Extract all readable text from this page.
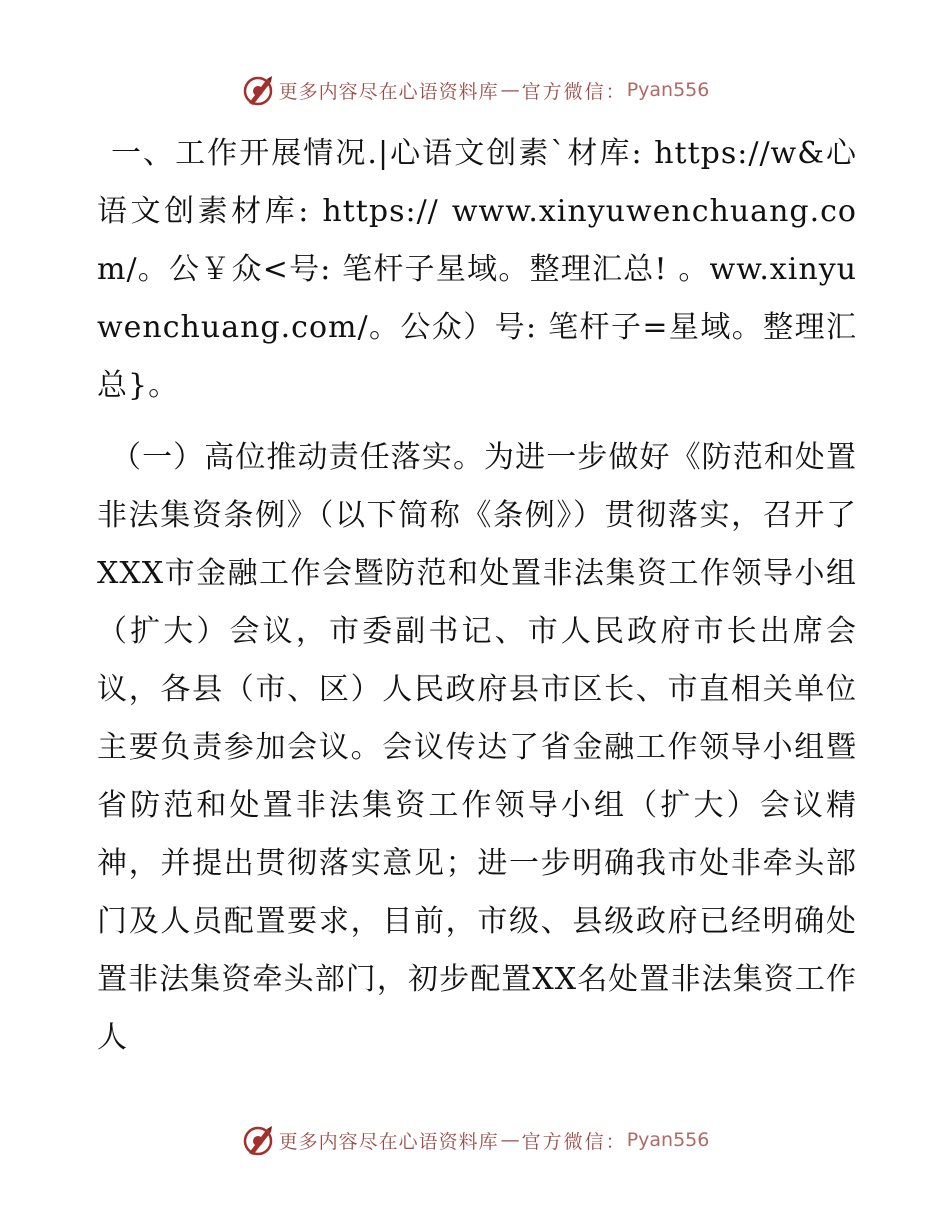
更多内容尽在心语资料库 — 官方微信： Pyan556

一、工作开展情况.|心语文创素`材库: https://w&心语文创素材库: https:// www.xinyuwenchuang.com/。公￥众<号: 笔杆子星域。整理汇总! 。ww.xinyuwenchuang.com/。公众）号: 笔杆子=星域。整理汇总}。

（一）高位推动责任落实。为进一步做好《防范和处置非法集资条例》（以下简称《条例》）贯彻落实，召开了XXX市金融工作会暨防范和处置非法集资工作领导小组（扩大）会议，市委副书记、市人民政府市长出席会议，各县（市、区）人民政府县市区长、市直相关单位主要负责参加会议。会议传达了省金融工作领导小组暨省防范和处置非法集资工作领导小组（扩大）会议精神，并提出贯彻落实意见；进一步明确我市处非牵头部门及人员配置要求，目前，市级、县级政府已经明确处置非法集资牵头部门，初步配置XX名处置非法集资工作人

更多内容尽在心语资料库 — 官方微信： Pyan556
